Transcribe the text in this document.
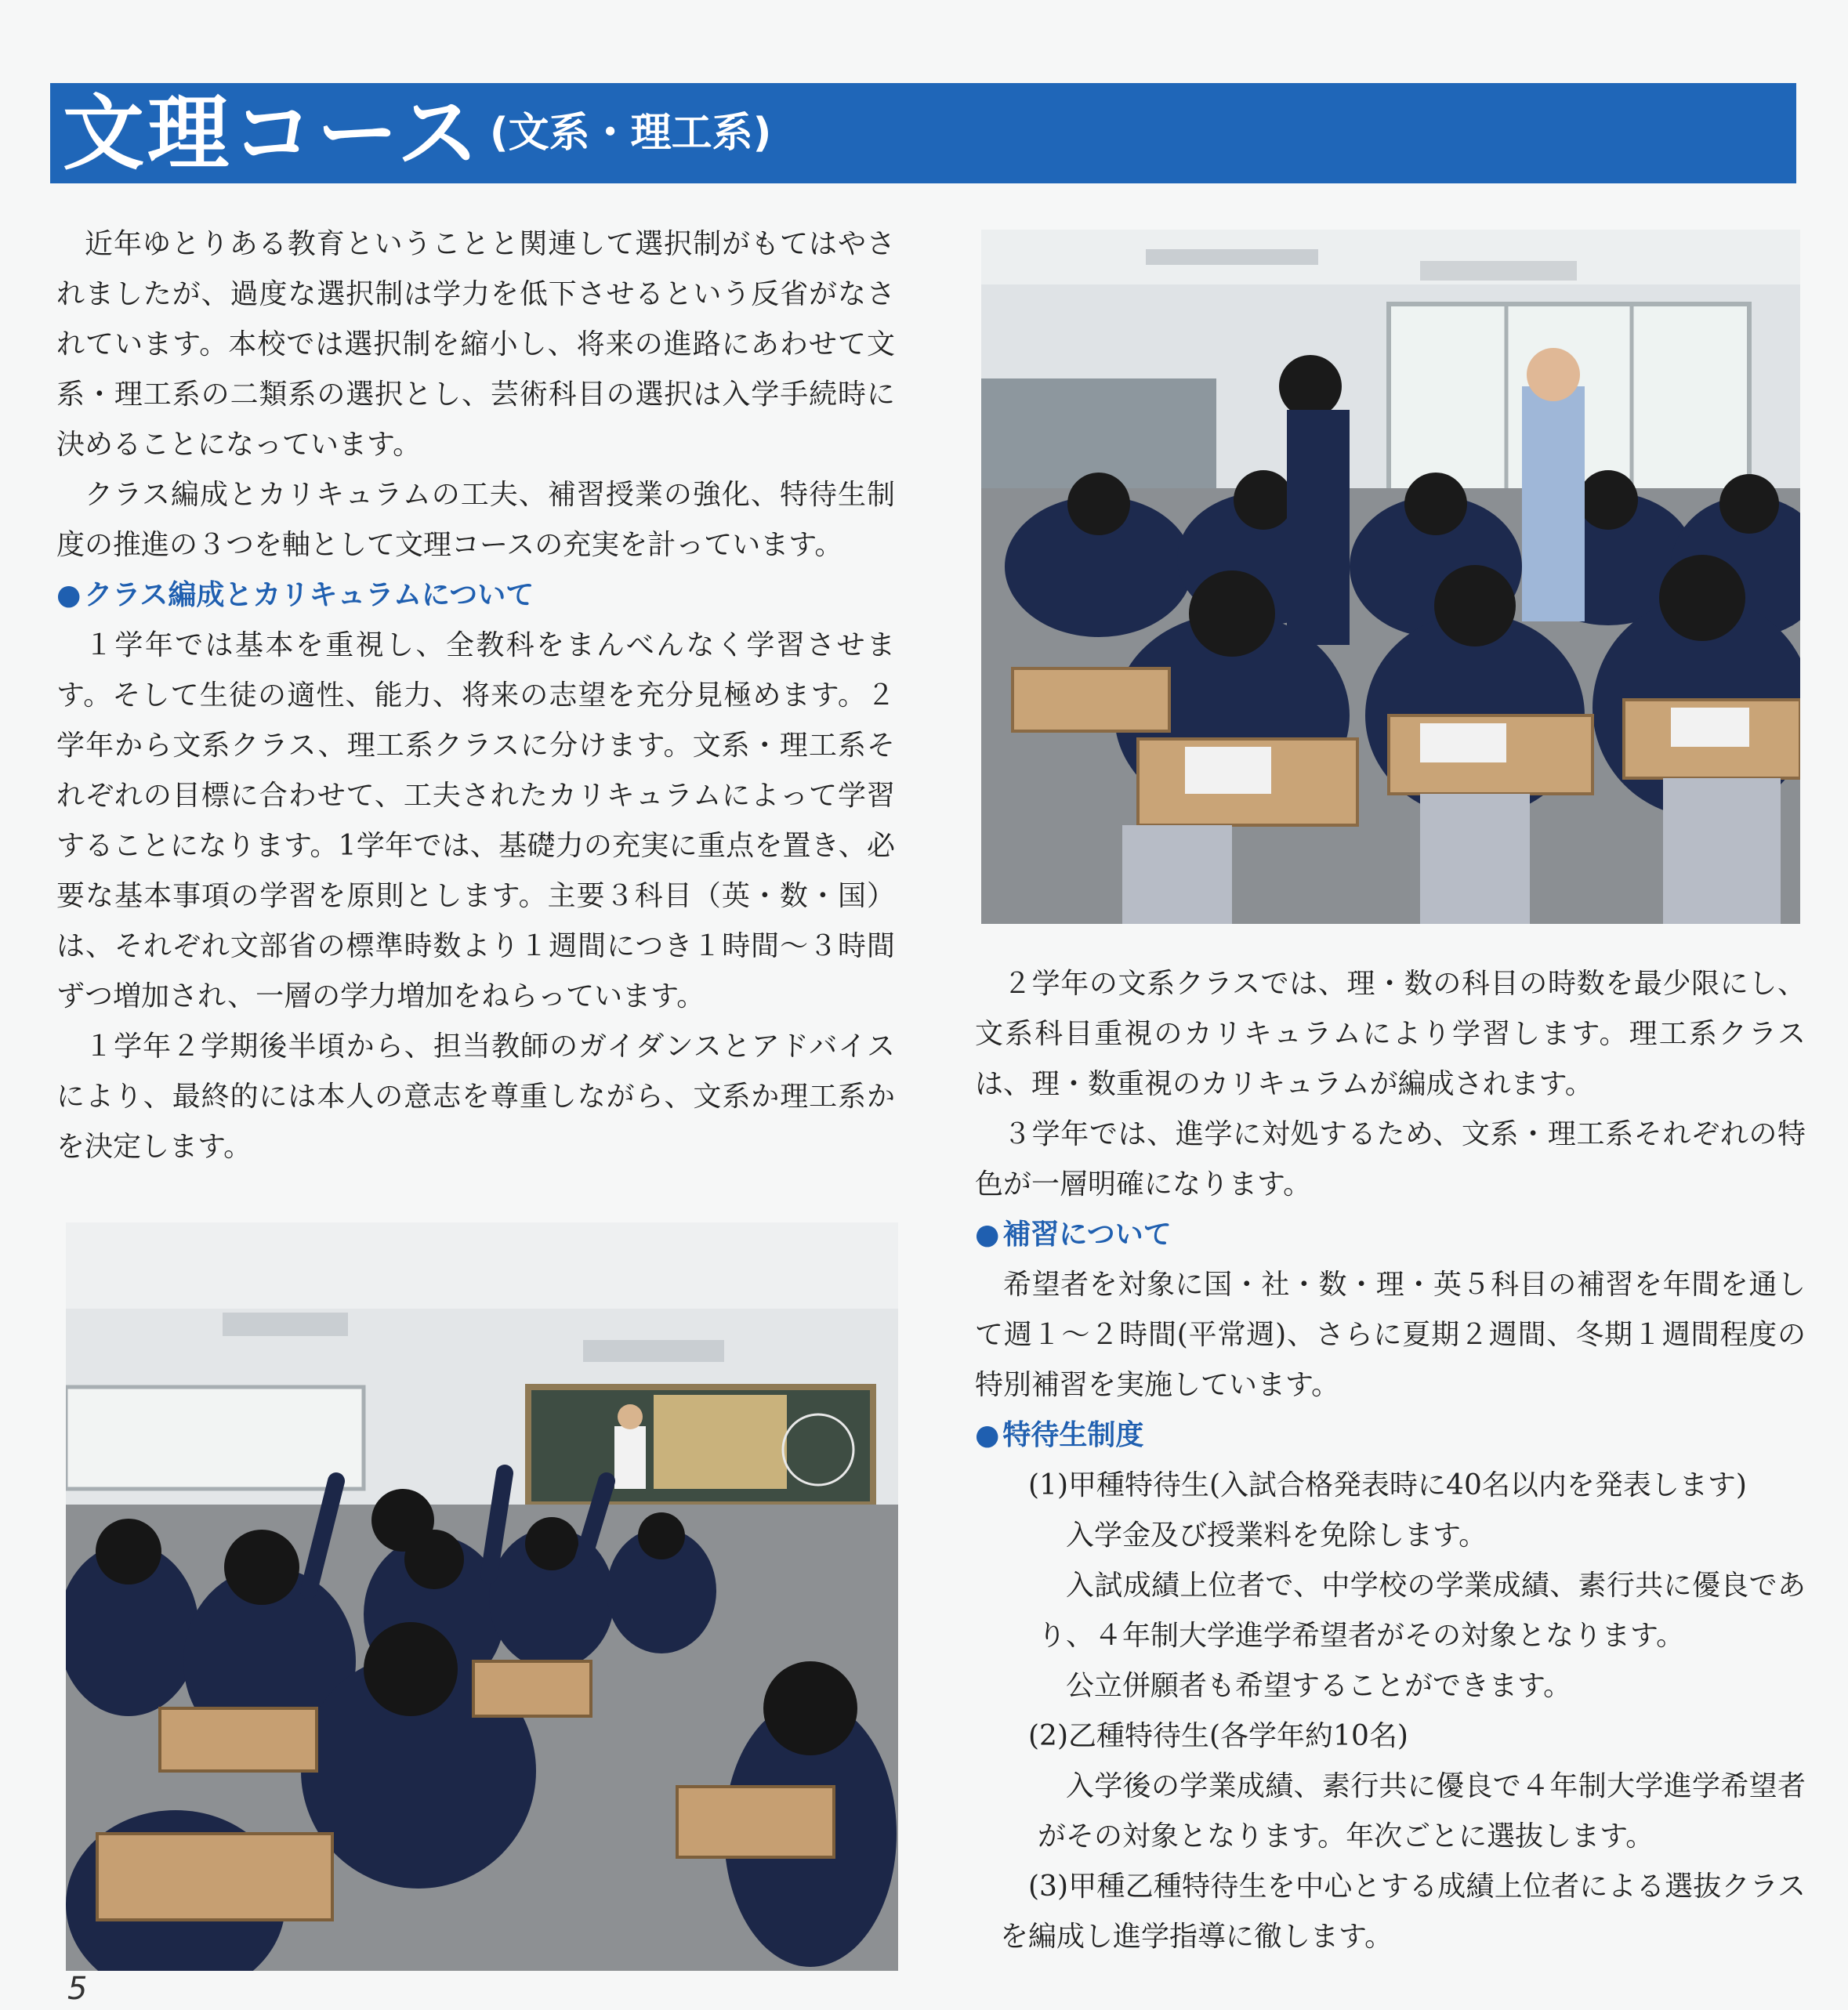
文理コース (文系・理工系)

近年ゆとりある教育ということと関連して選択制がもてはやされましたが、過度な選択制は学力を低下させるという反省がなされています。本校では選択制を縮小し、将来の進路にあわせて文系・理工系の二類系の選択とし、芸術科目の選択は入学手続時に決めることになっています。

クラス編成とカリキュラムの工夫、補習授業の強化、特待生制度の推進の３つを軸として文理コースの充実を計っています。

● クラス編成とカリキュラムについて

１学年では基本を重視し、全教科をまんべんなく学習させます。そして生徒の適性、能力、将来の志望を充分見極めます。２学年から文系クラス、理工系クラスに分けます。文系・理工系それぞれの目標に合わせて、工夫されたカリキュラムによって学習することになります。1学年では、基礎力の充実に重点を置き、必要な基本事項の学習を原則とします。主要３科目（英・数・国）は、それぞれ文部省の標準時数より１週間につき１時間～３時間ずつ増加され、一層の学力増加をねらっています。

１学年２学期後半頃から、担当教師のガイダンスとアドバイスにより、最終的には本人の意志を尊重しながら、文系か理工系かを決定します。

２学年の文系クラスでは、理・数の科目の時数を最少限にし、文系科目重視のカリキュラムにより学習します。理工系クラスは、理・数重視のカリキュラムが編成されます。

３学年では、進学に対処するため、文系・理工系それぞれの特色が一層明確になります。

● 補習について

希望者を対象に国・社・数・理・英５科目の補習を年間を通して週１～２時間(平常週)、さらに夏期２週間、冬期１週間程度の特別補習を実施しています。

● 特待生制度

(1)甲種特待生(入試合格発表時に40名以内を発表します)

入学金及び授業料を免除します。

入試成績上位者で、中学校の学業成績、素行共に優良であり、４年制大学進学希望者がその対象となります。

公立併願者も希望することができます。

(2)乙種特待生(各学年約10名)

入学後の学業成績、素行共に優良で４年制大学進学希望者がその対象となります。年次ごとに選抜します。

(3)甲種乙種特待生を中心とする成績上位者による選抜クラスを編成し進学指導に徹します。

5
